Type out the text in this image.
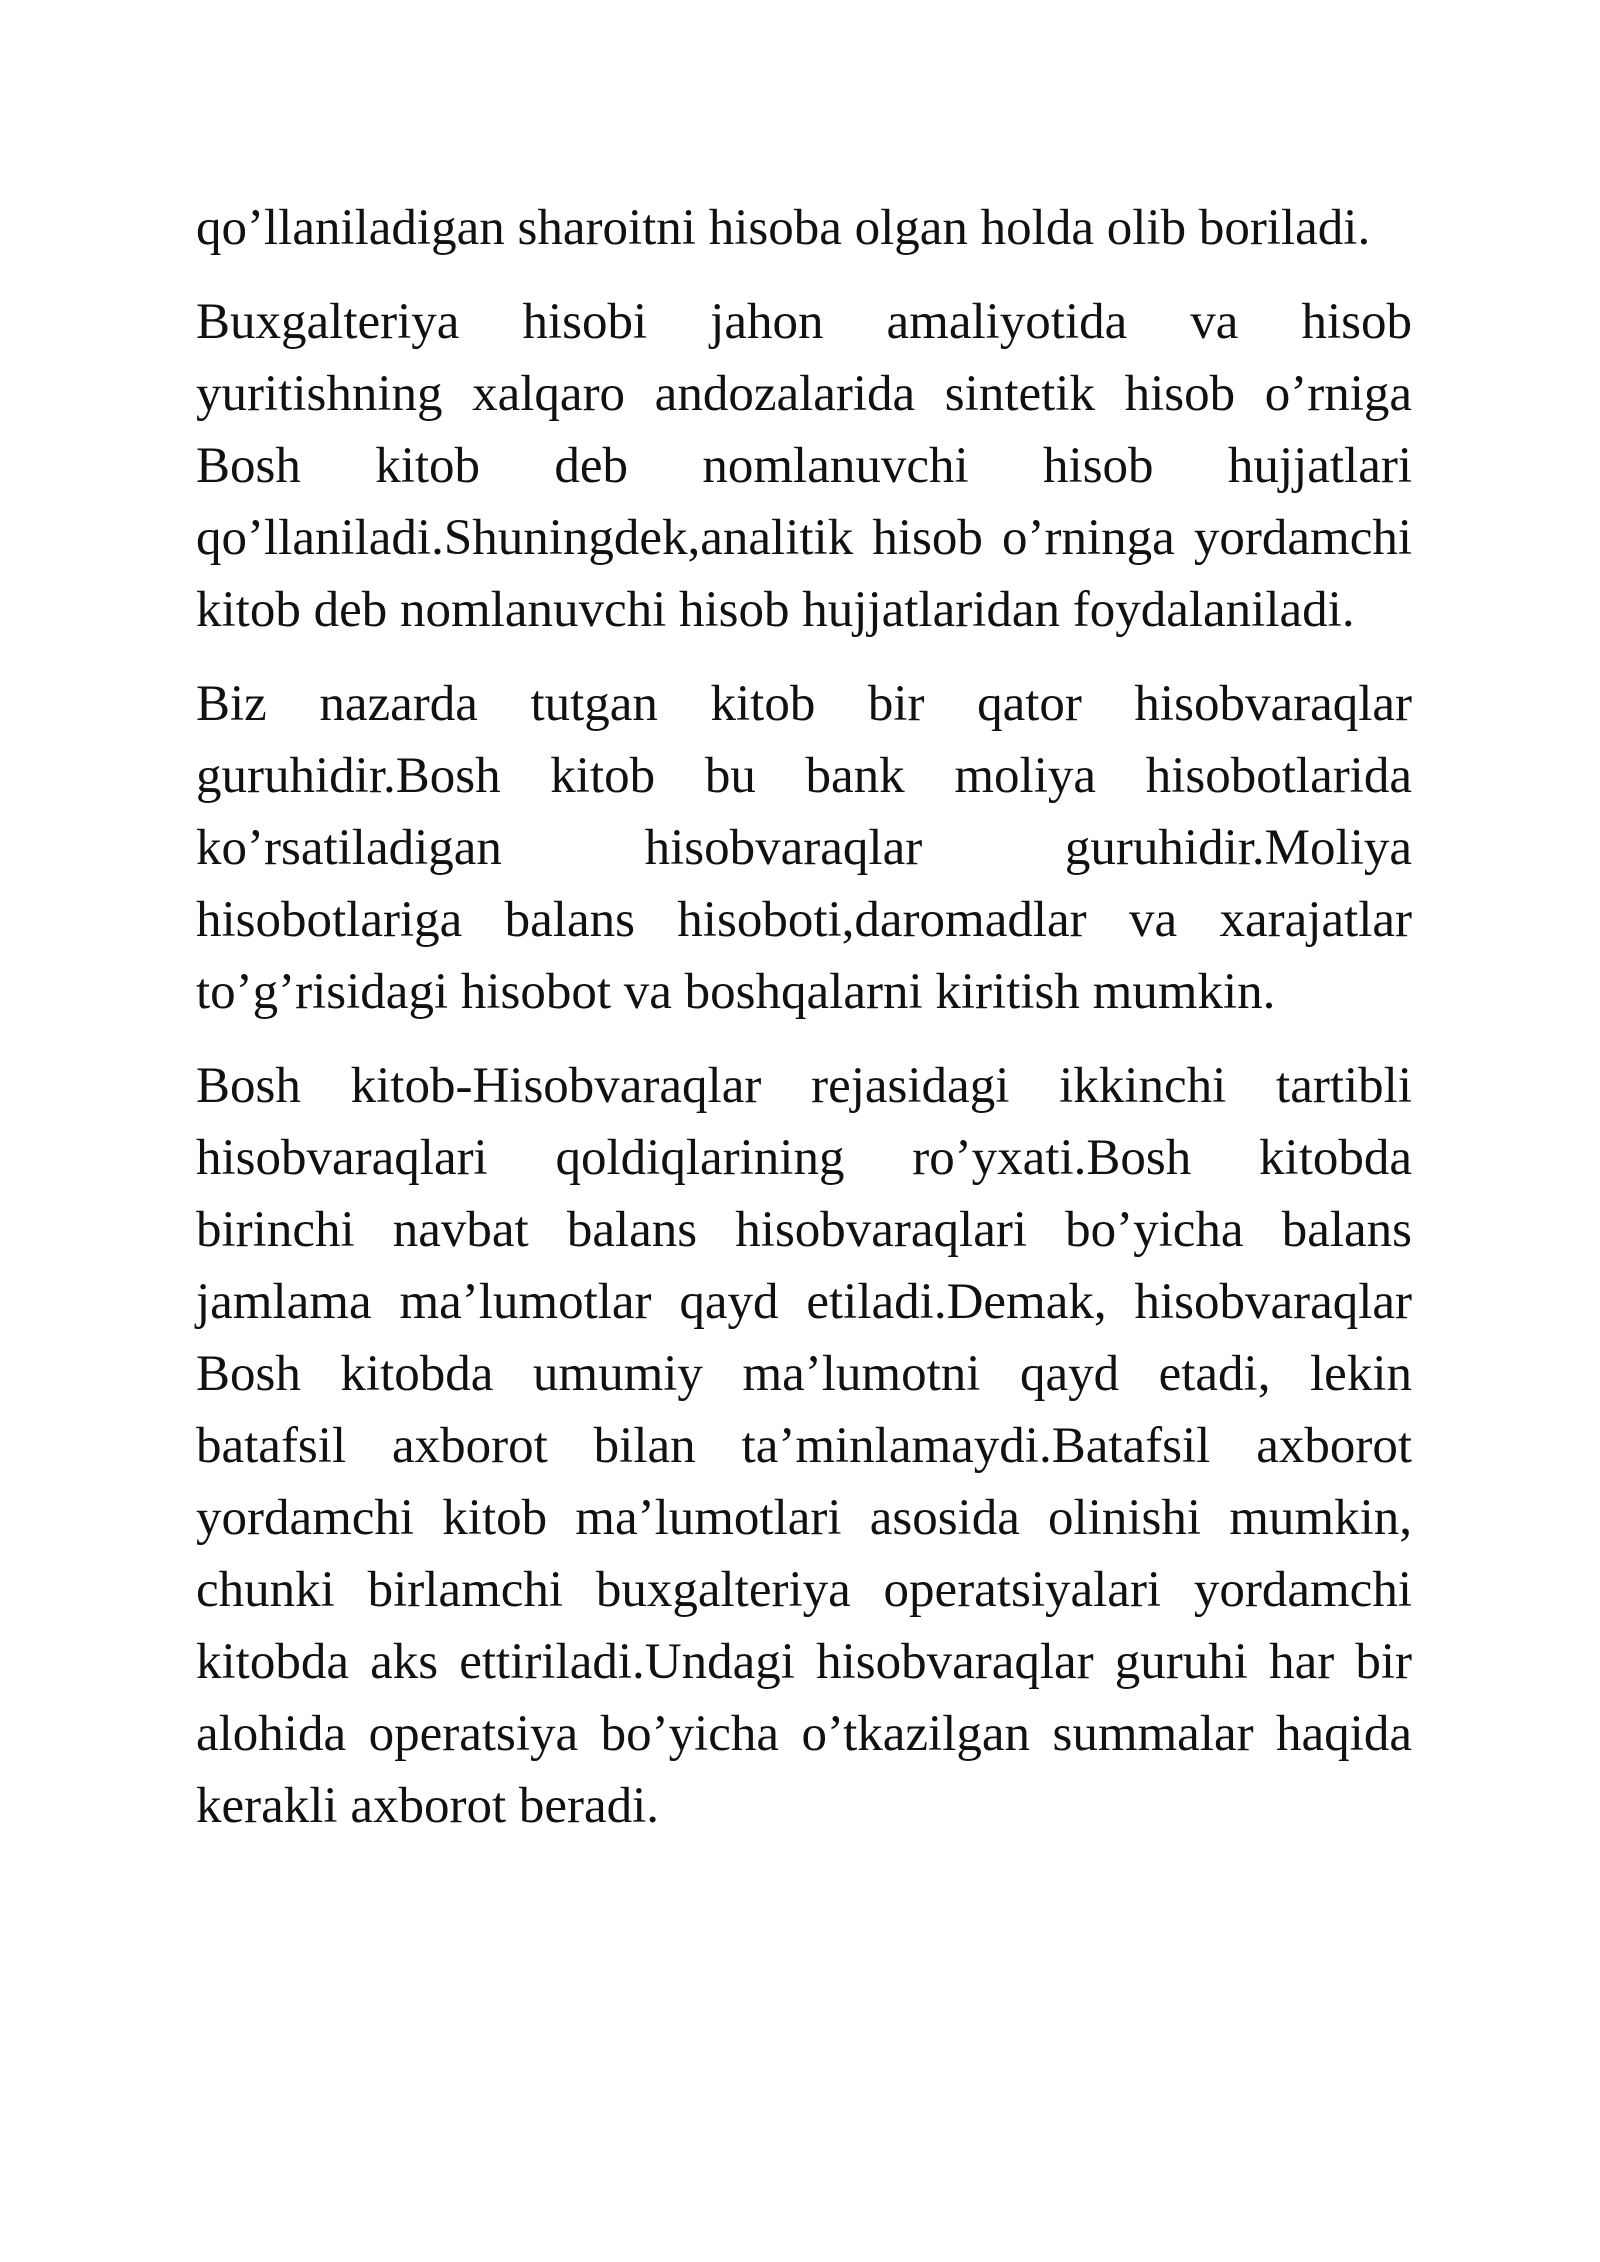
qo’llaniladigan sharoitni hisoba olgan holda olib boriladi.

Buxgalteriya hisobi jahon amaliyotida va hisob yuritishning xalqaro andozalarida sintetik hisob o’rniga Bosh kitob deb nomlanuvchi hisob hujjatlari qo’llaniladi.Shuningdek,analitik hisob o’rninga yordamchi kitob deb nomlanuvchi hisob hujjatlaridan foydalaniladi.

Biz nazarda tutgan kitob bir qator hisobvaraqlar guruhidir.Bosh kitob bu bank moliya hisobotlarida ko’rsatiladigan hisobvaraqlar guruhidir.Moliya hisobotlariga balans hisoboti,daromadlar va xarajatlar to’g’risidagi hisobot va boshqalarni kiritish mumkin.

Bosh kitob-Hisobvaraqlar rejasidagi ikkinchi tartibli hisobvaraqlari qoldiqlarining ro’yxati.Bosh kitobda birinchi navbat balans hisobvaraqlari bo’yicha balans jamlama ma’lumotlar qayd etiladi.Demak, hisobvaraqlar Bosh kitobda umumiy ma’lumotni qayd etadi, lekin batafsil axborot bilan ta’minlamaydi.Batafsil axborot yordamchi kitob ma’lumotlari asosida olinishi mumkin, chunki birlamchi buxgalteriya operatsiyalari yordamchi kitobda aks ettiriladi.Undagi hisobvaraqlar guruhi har bir alohida operatsiya bo’yicha o’tkazilgan summalar haqida kerakli axborot beradi.
